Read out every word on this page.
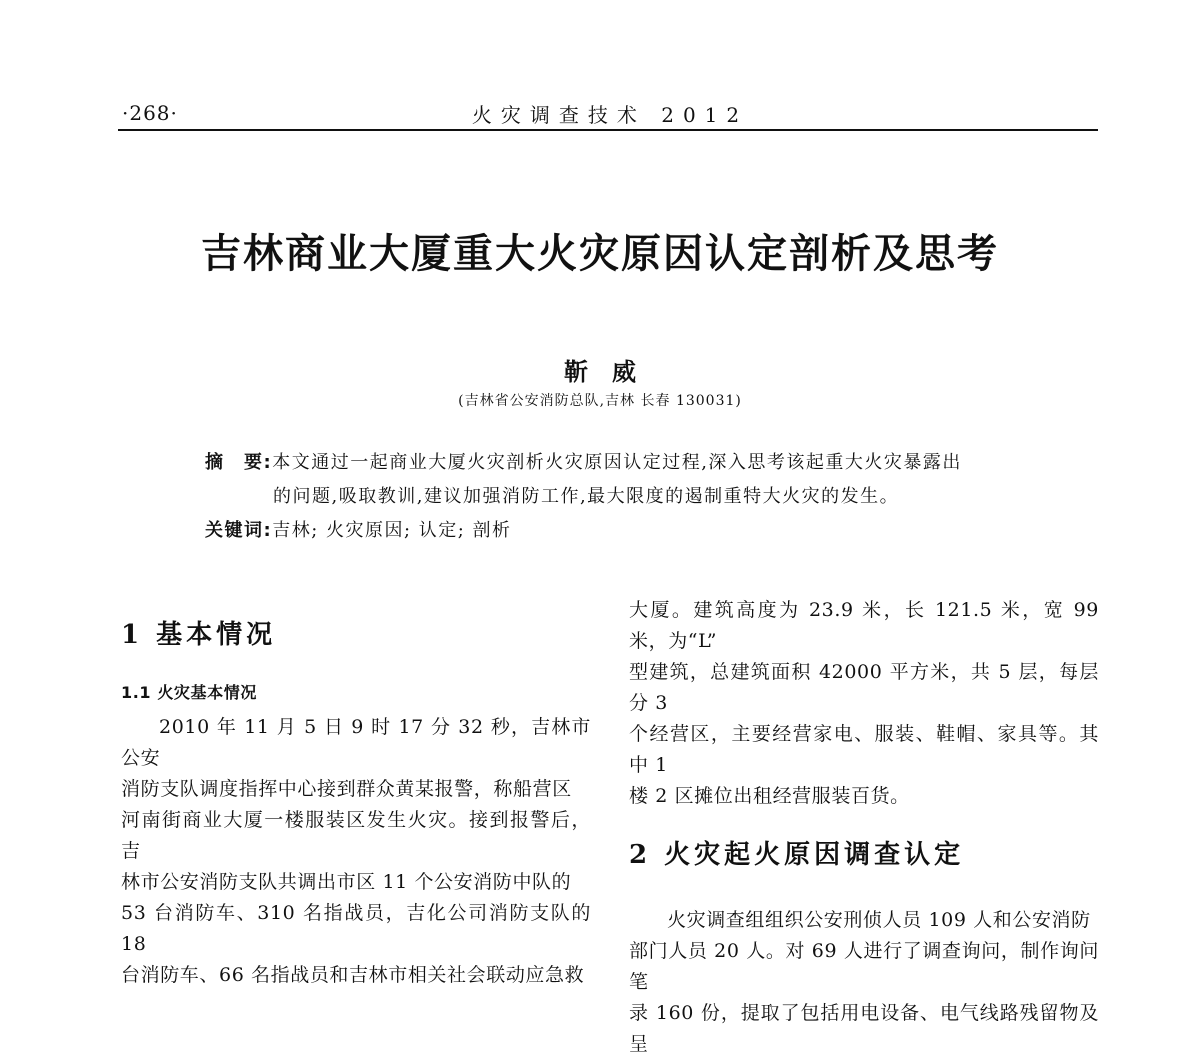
·268·	火灾调查技术 2012
吉林商业大厦重大火灾原因认定剖析及思考
靳威
(吉林省公安消防总队,吉林 长春 130031)
摘　要:本文通过一起商业大厦火灾剖析火灾原因认定过程,深入思考该起重大火灾暴露出
的问题,吸取教训,建议加强消防工作,最大限度的遏制重特大火灾的发生。
关键词:吉林; 火灾原因; 认定; 剖析
1 基本情况
1.1 火灾基本情况

2010 年 11 月 5 日 9 时 17 分 32 秒，吉林市公安

消防支队调度指挥中心接到群众黄某报警，称船营区

河南街商业大厦一楼服装区发生火灾。接到报警后，吉

林市公安消防支队共调出市区 11 个公安消防中队的

53 台消防车、310 名指战员，吉化公司消防支队的 18

台消防车、66 名指战员和吉林市相关社会联动应急救

大厦。建筑高度为 23.9 米，长 121.5 米，宽 99 米，为“L”

型建筑，总建筑面积 42000 平方米，共 5 层，每层分 3

个经营区，主要经营家电、服装、鞋帽、家具等。其中 1

楼 2 区摊位出租经营服装百货。

2 火灾起火原因调查认定

火灾调查组组织公安刑侦人员 109 人和公安消防

部门人员 20 人。对 69 人进行了调查询问，制作询问笔

录 160 份，提取了包括用电设备、电气线路残留物及呈
